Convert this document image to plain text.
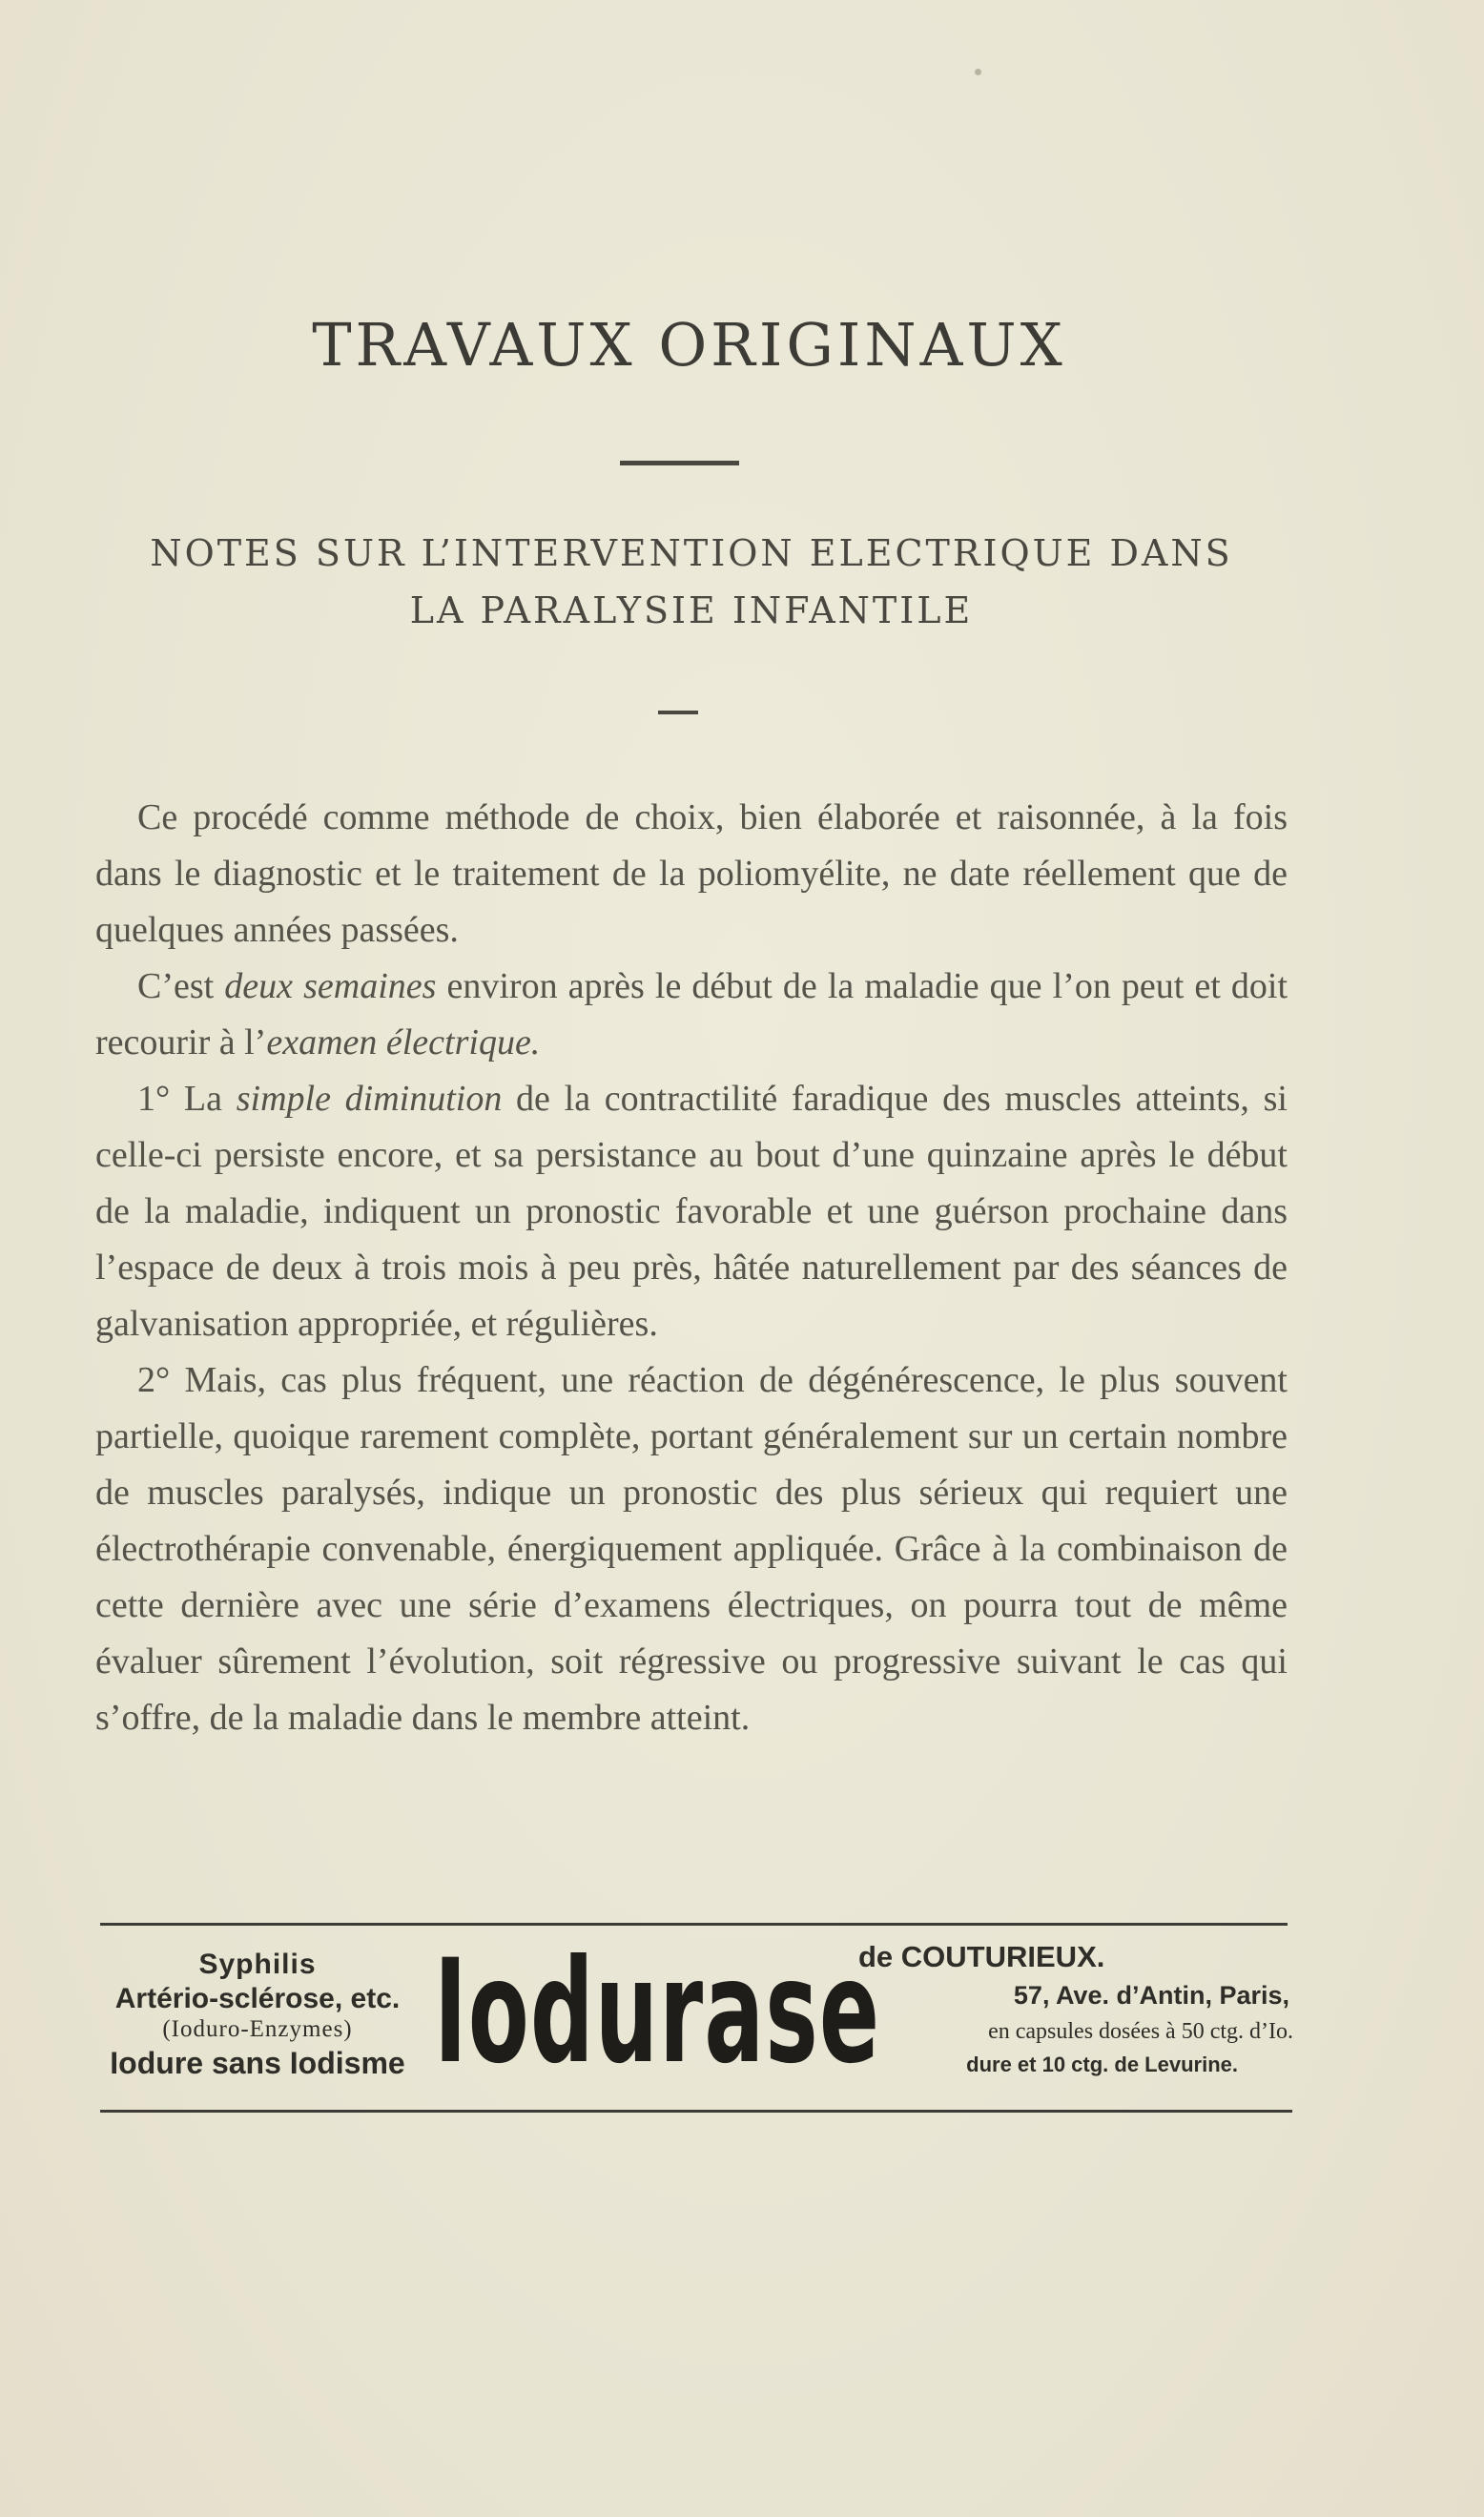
TRAVAUX ORIGINAUX
NOTES SUR L’INTERVENTION ELECTRIQUE DANS
LA PARALYSIE INFANTILE

Ce procédé comme méthode de choix, bien élaborée et raisonnée, à la fois dans le diagnostic et le traitement de la poliomyélite, ne date réellement que de quelques années passées.

C’est deux semaines environ après le début de la maladie que l’on peut et doit recourir à l’examen électrique.

1° La simple diminution de la contractilité faradique des muscles atteints, si celle-ci persiste encore, et sa persistance au bout d’une quinzaine après le début de la maladie, indiquent un pronostic favorable et une guérson prochaine dans l’espace de deux à trois mois à peu près, hâtée naturellement par des séances de galvanisation appropriée, et régulières.

2° Mais, cas plus fréquent, une réaction de dégénérescence, le plus souvent partielle, quoique rarement complète, portant généralement sur un certain nombre de muscles paralysés, indique un pronostic des plus sérieux qui requiert une électrothérapie convenable, énergiquement appliquée. Grâce à la combinaison de cette dernière avec une série d’examens électriques, on pourra tout de même évaluer sûrement l’évolution, soit régressive ou progressive suivant le cas qui s’offre, de la maladie dans le membre atteint.

Syphilis
Artério-sclérose, etc.
(Ioduro-Enzymes)
Iodure sans Iodisme Iodurase
de COUTURIEUX.
57, Ave. d’Antin, Paris,
en capsules dosées à 50 ctg. d’Io.
dure et 10 ctg. de Levurine.
